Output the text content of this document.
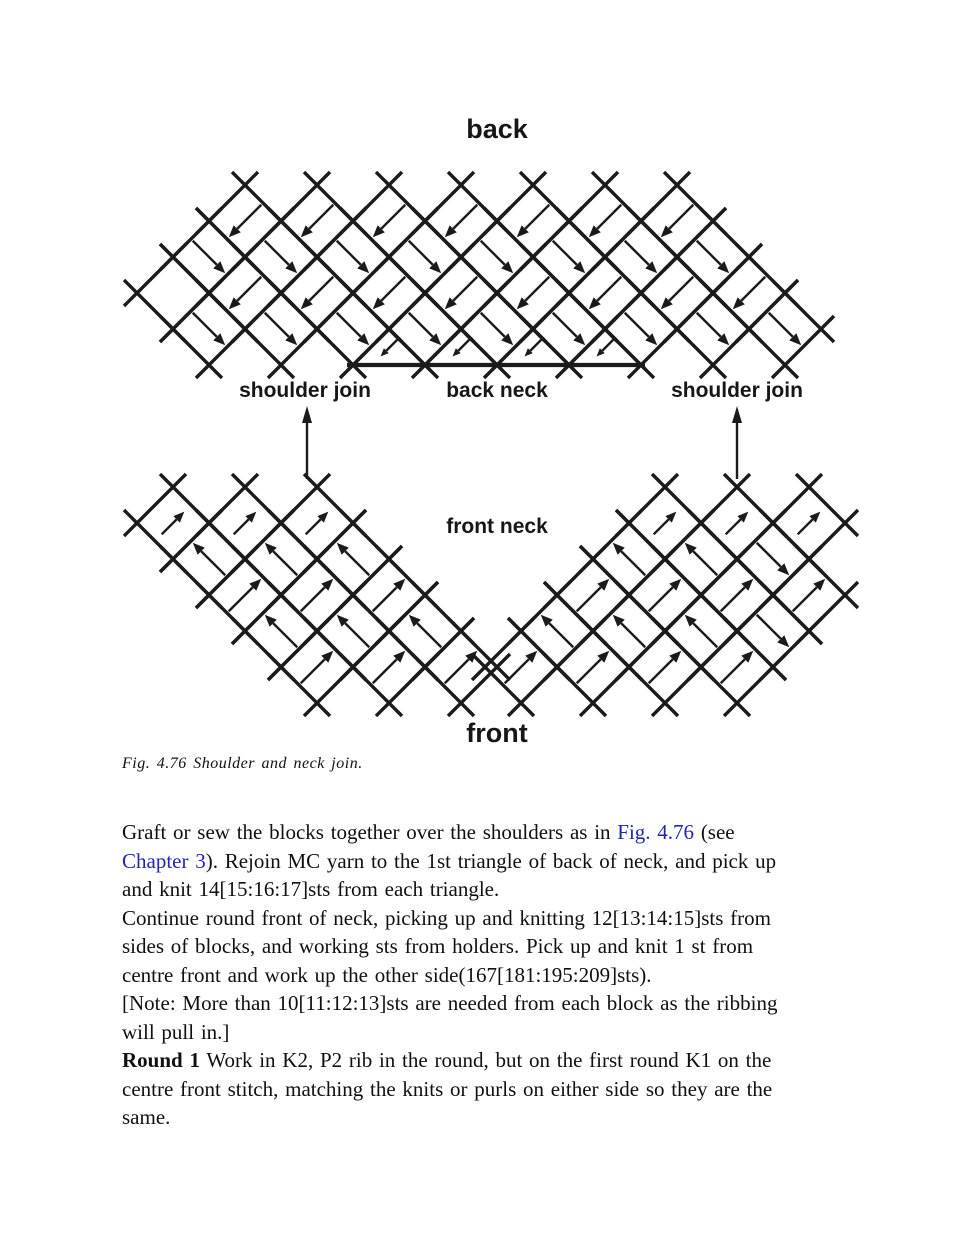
back
shoulder join	back neck	shoulder join
front neck
front
Fig. 4.76 Shoulder and neck join.
Graft or sew the blocks together over the shoulders as in Fig. 4.76 (see
Chapter 3). Rejoin MC yarn to the 1st triangle of back of neck, and pick up
and knit 14[15:16:17]sts from each triangle.
Continue round front of neck, picking up and knitting 12[13:14:15]sts from
sides of blocks, and working sts from holders. Pick up and knit 1 st from
centre front and work up the other side(167[181:195:209]sts).
[Note: More than 10[11:12:13]sts are needed from each block as the ribbing
will pull in.]
Round 1 Work in K2, P2 rib in the round, but on the first round K1 on the
centre front stitch, matching the knits or purls on either side so they are the
same.
